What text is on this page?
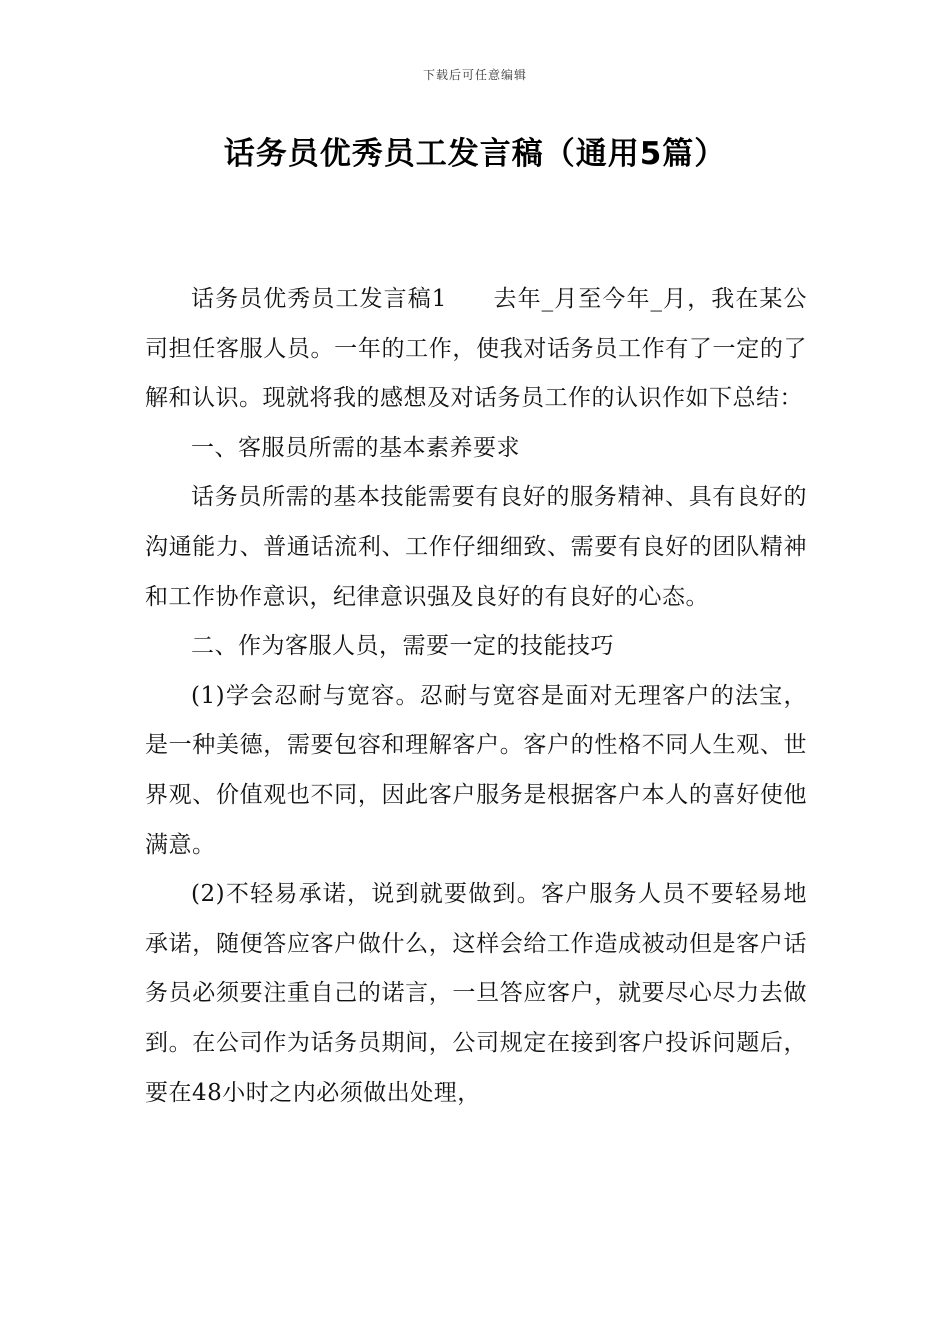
下载后可任意编辑
话务员优秀员工发言稿（通用5篇）

话务员优秀员工发言稿1 去年_月至今年_月，我在某公司担任客服人员。一年的工作，使我对话务员工作有了一定的了解和认识。现就将我的感想及对话务员工作的认识作如下总结：

一、客服员所需的基本素养要求

话务员所需的基本技能需要有良好的服务精神、具有良好的沟通能力、普通话流利、工作仔细细致、需要有良好的团队精神和工作协作意识，纪律意识强及良好的有良好的心态。

二、作为客服人员，需要一定的技能技巧

(1)学会忍耐与宽容。忍耐与宽容是面对无理客户的法宝，是一种美德，需要包容和理解客户。客户的性格不同人生观、世界观、价值观也不同，因此客户服务是根据客户本人的喜好使他满意。

(2)不轻易承诺，说到就要做到。客户服务人员不要轻易地承诺，随便答应客户做什么，这样会给工作造成被动但是客户话务员必须要注重自己的诺言，一旦答应客户，就要尽心尽力去做到。在公司作为话务员期间，公司规定在接到客户投诉问题后，要在48小时之内必须做出处理，
